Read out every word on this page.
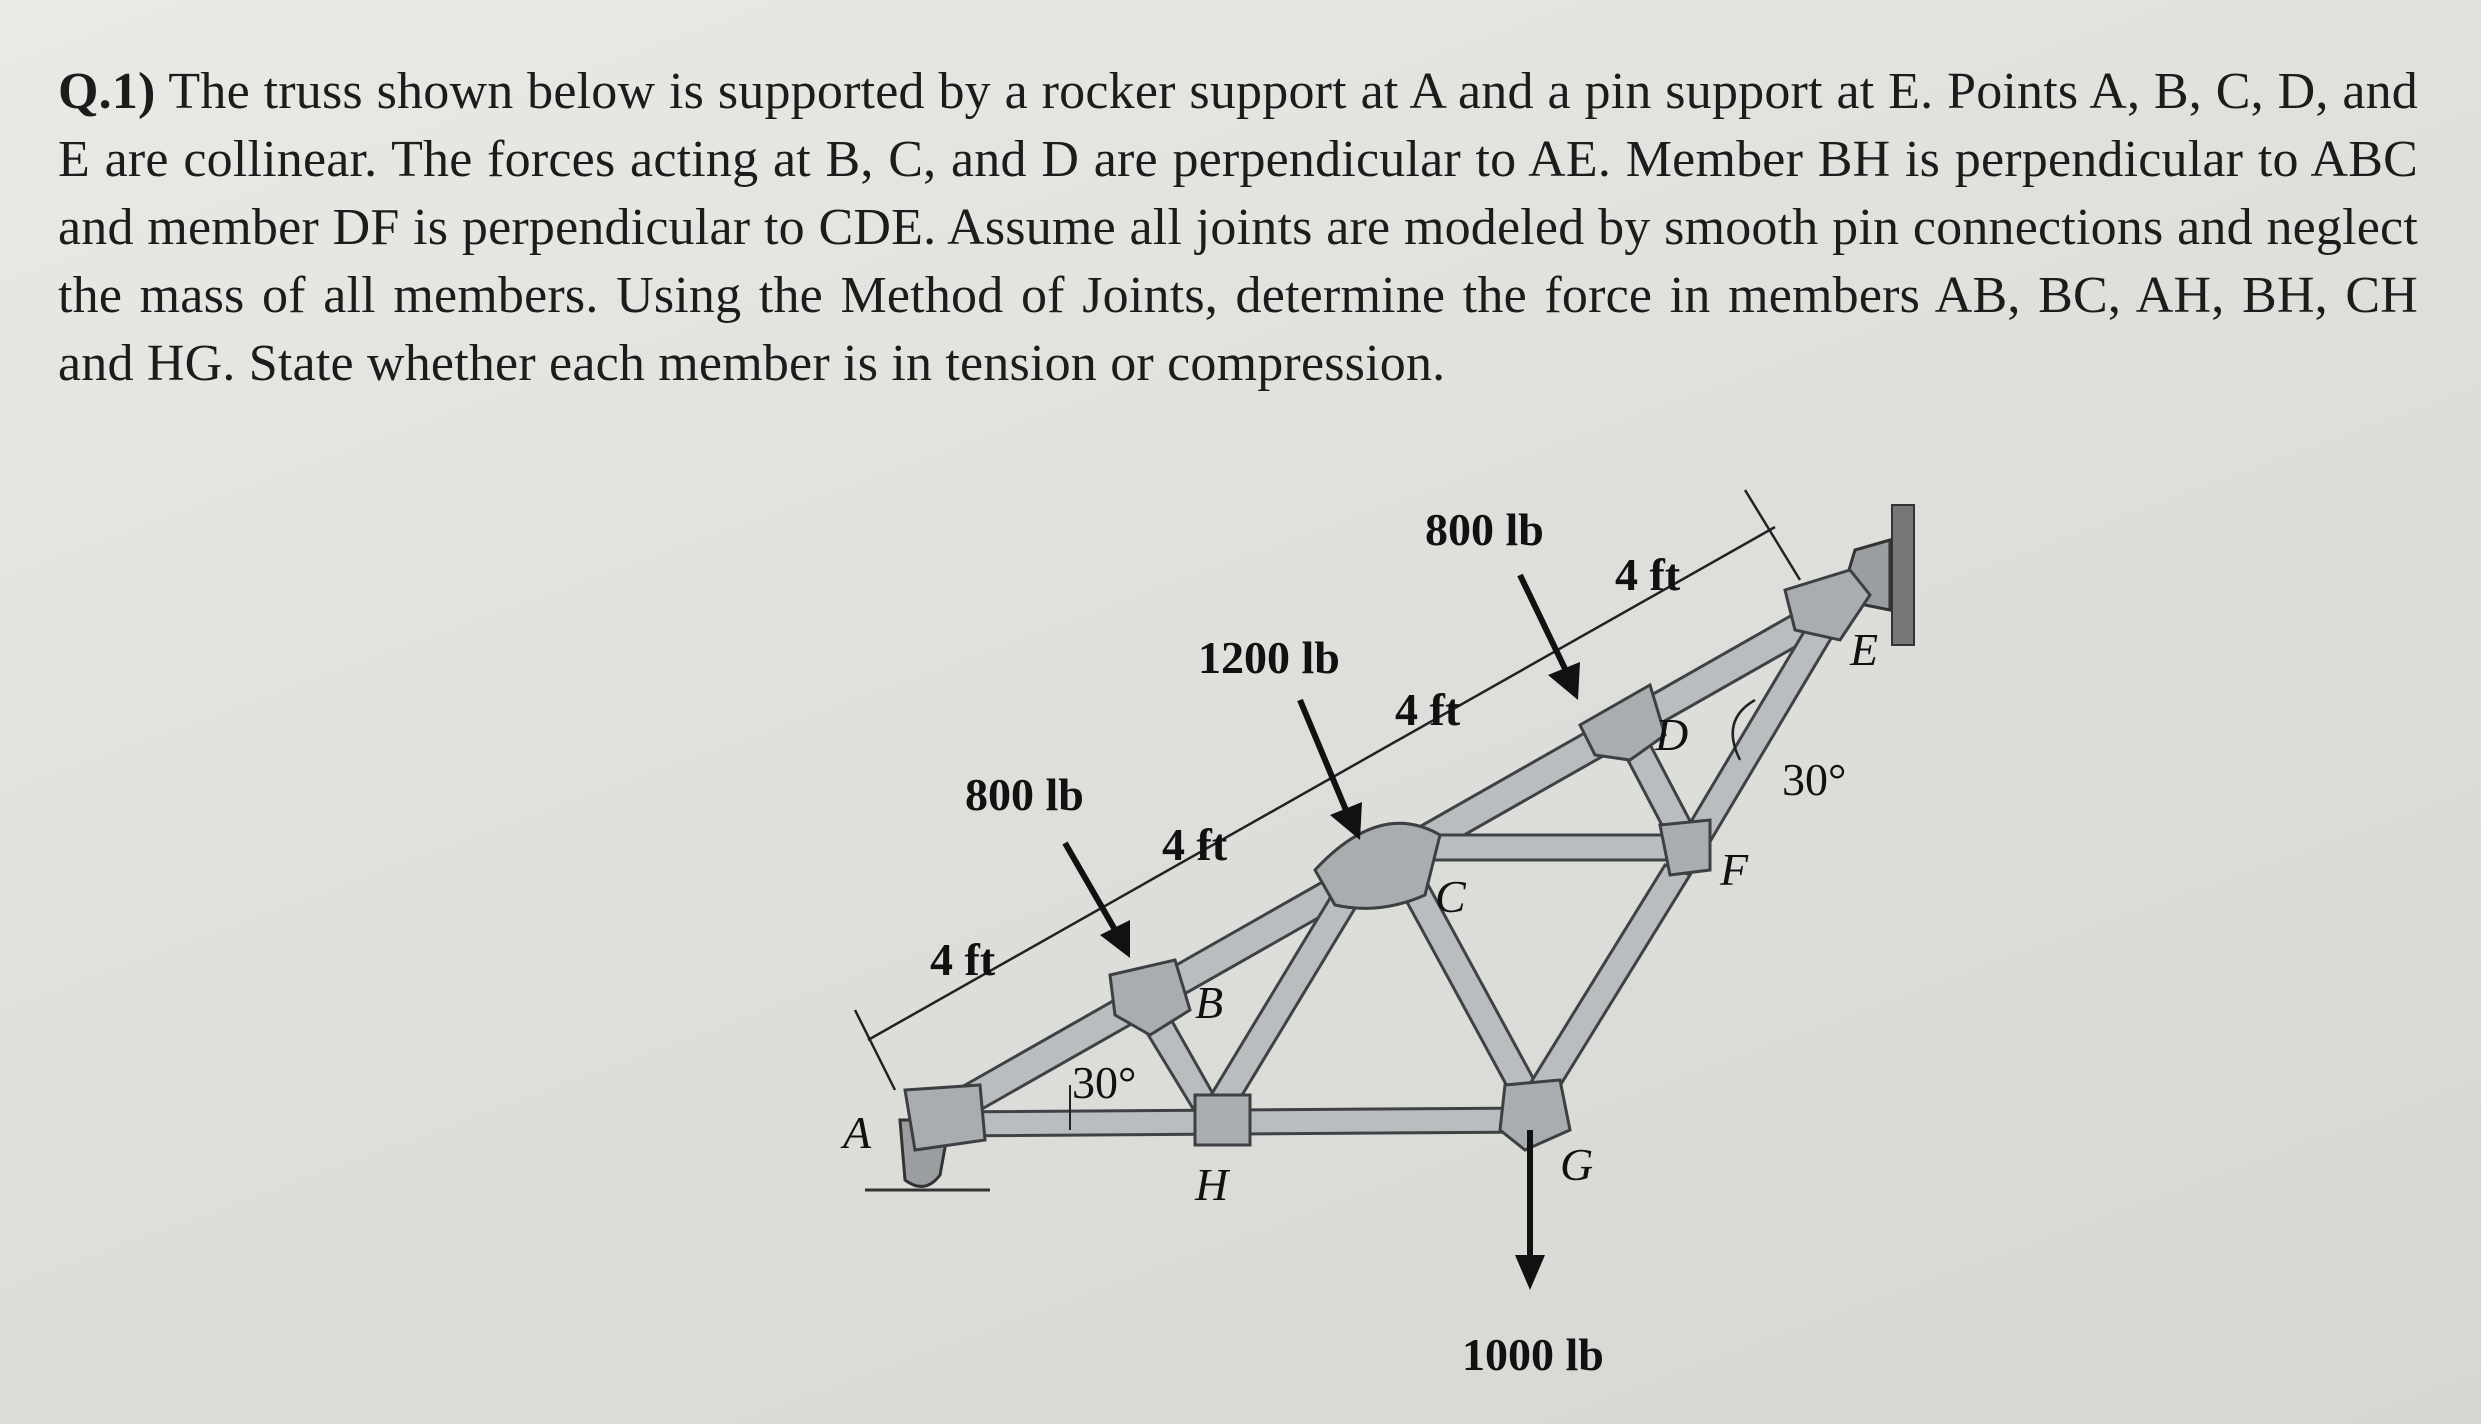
Q.1) The truss shown below is supported by a rocker support at A and a pin support at E. Points A, B, C, D, and E are collinear. The forces acting at B, C, and D are perpendicular to AE. Member BH is perpendicular to ABC and member DF is perpendicular to CDE. Assume all joints are modeled by smooth pin connections and neglect the mass of all members. Using the Method of Joints, determine the force in members AB, BC, AH, BH, CH and HG. State whether each member is in tension or compression.
800 lb
1200 lb
800 lb
1000 lb
4 ft
4 ft
4 ft
4 ft
30°
30°
A
B
C
D
E
F
G
H
